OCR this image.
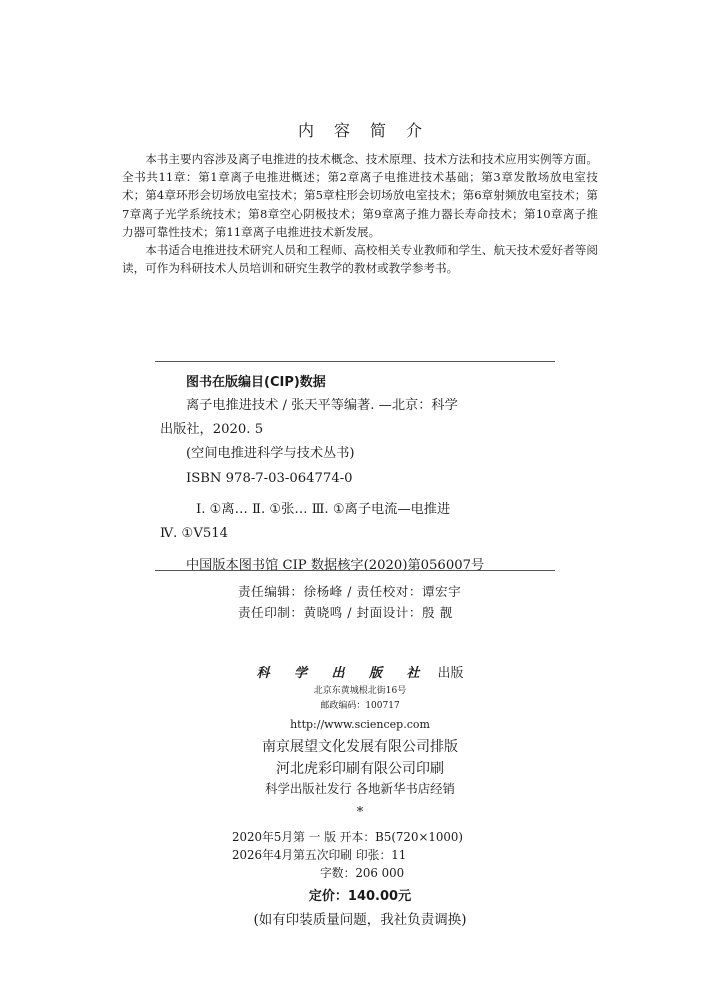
内容简介

本书主要内容涉及离子电推进的技术概念、技术原理、技术方法和技术应用实例等方面。全书共11章：第1章离子电推进概述；第2章离子电推进技术基础；第3章发散场放电室技术；第4章环形会切场放电室技术；第5章柱形会切场放电室技术；第6章射频放电室技术；第7章离子光学系统技术；第8章空心阴极技术；第9章离子推力器长寿命技术；第10章离子推力器可靠性技术；第11章离子电推进技术新发展。

本书适合电推进技术研究人员和工程师、高校相关专业教师和学生、航天技术爱好者等阅读，可作为科研技术人员培训和研究生教学的教材或教学参考书。

图书在版编目(CIP)数据
离子电推进技术 / 张天平等编著. —北京：科学
出版社，2020. 5
(空间电推进科学与技术丛书)
ISBN 978-7-03-064774-0
Ⅰ. ①离… Ⅱ. ①张… Ⅲ. ①离子电流—电推进
Ⅳ. ①V514
中国版本图书馆 CIP 数据核字(2020)第056007号
责任编辑：徐杨峰 / 责任校对：谭宏宇
责任印制：黄晓鸣 / 封面设计：殷 靓
科 学 出 版 社 出版
北京东黄城根北街16号
邮政编码：100717
http://www.sciencep.com
南京展望文化发展有限公司排版
河北虎彩印刷有限公司印刷
科学出版社发行 各地新华书店经销
*
2020年5月第 一 版 开本：B5(720×1000)
2026年4月第五次印刷 印张：11
字数：206 000
定价：140.00元
(如有印装质量问题，我社负责调换)
